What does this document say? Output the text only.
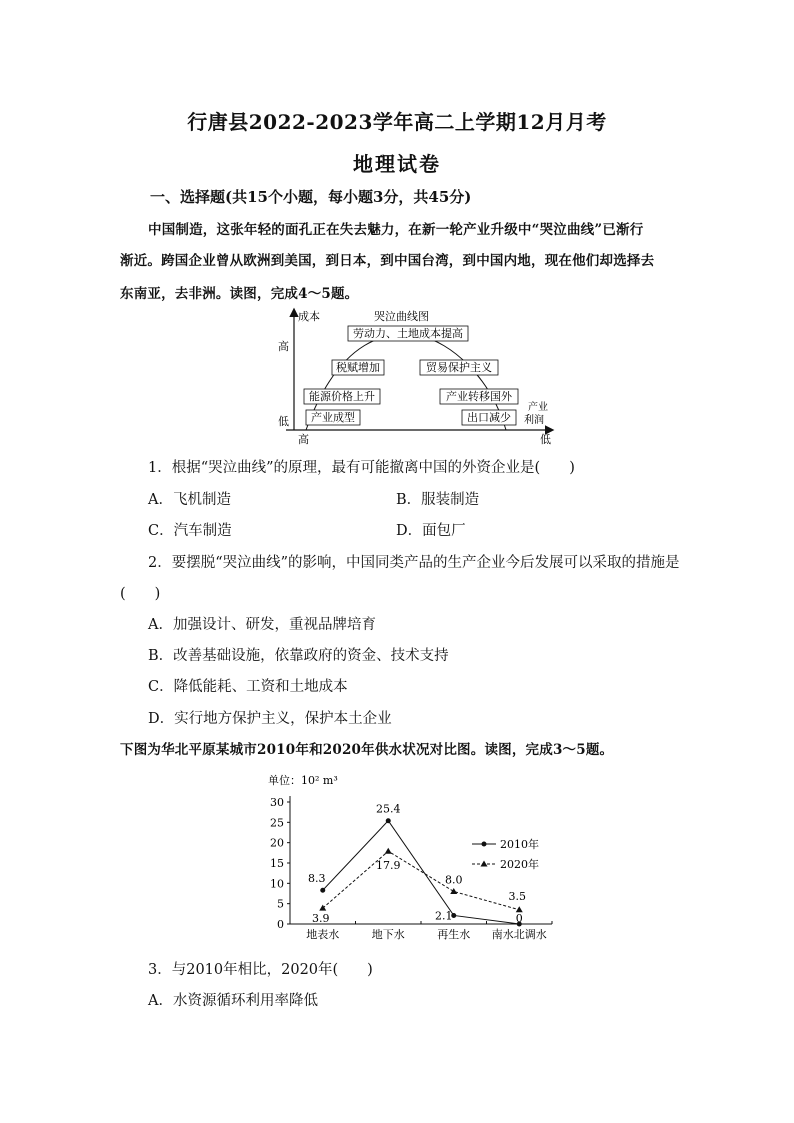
行唐县2022-2023学年高二上学期12月月考
地理试卷
一、选择题(共15个小题，每小题3分，共45分)
中国制造，这张年轻的面孔正在失去魅力，在新一轮产业升级中“哭泣曲线”已渐行
渐近。跨国企业曾从欧洲到美国，到日本，到中国台湾，到中国内地，现在他们却选择去
东南亚，去非洲。读图，完成4～5题。
成本	哭泣曲线图
高
低
产业
利润
高	低
劳动力、土地成本提高
税赋增加	贸易保护主义
能源价格上升	产业转移国外
产业成型	出口减少
1．根据“哭泣曲线”的原理，最有可能撤离中国的外资企业是(　　)
A．飞机制造	B．服装制造
C．汽车制造	D．面包厂
2．要摆脱“哭泣曲线”的影响，中国同类产品的生产企业今后发展可以采取的措施是
(　　)
A．加强设计、研发，重视品牌培育
B．改善基础设施，依靠政府的资金、技术支持
C．降低能耗、工资和土地成本
D．实行地方保护主义，保护本土企业
下图为华北平原某城市2010年和2020年供水状况对比图。读图，完成3～5题。
单位：10² m³
0
5
10
15
20
25
30
地表水	地下水	再生水 南水北调水
8.3
25.4
2.1	0
2010年
3.9
17.9
8.0
3.5
2020年
3．与2010年相比，2020年(　　)
A．水资源循环利用率降低
